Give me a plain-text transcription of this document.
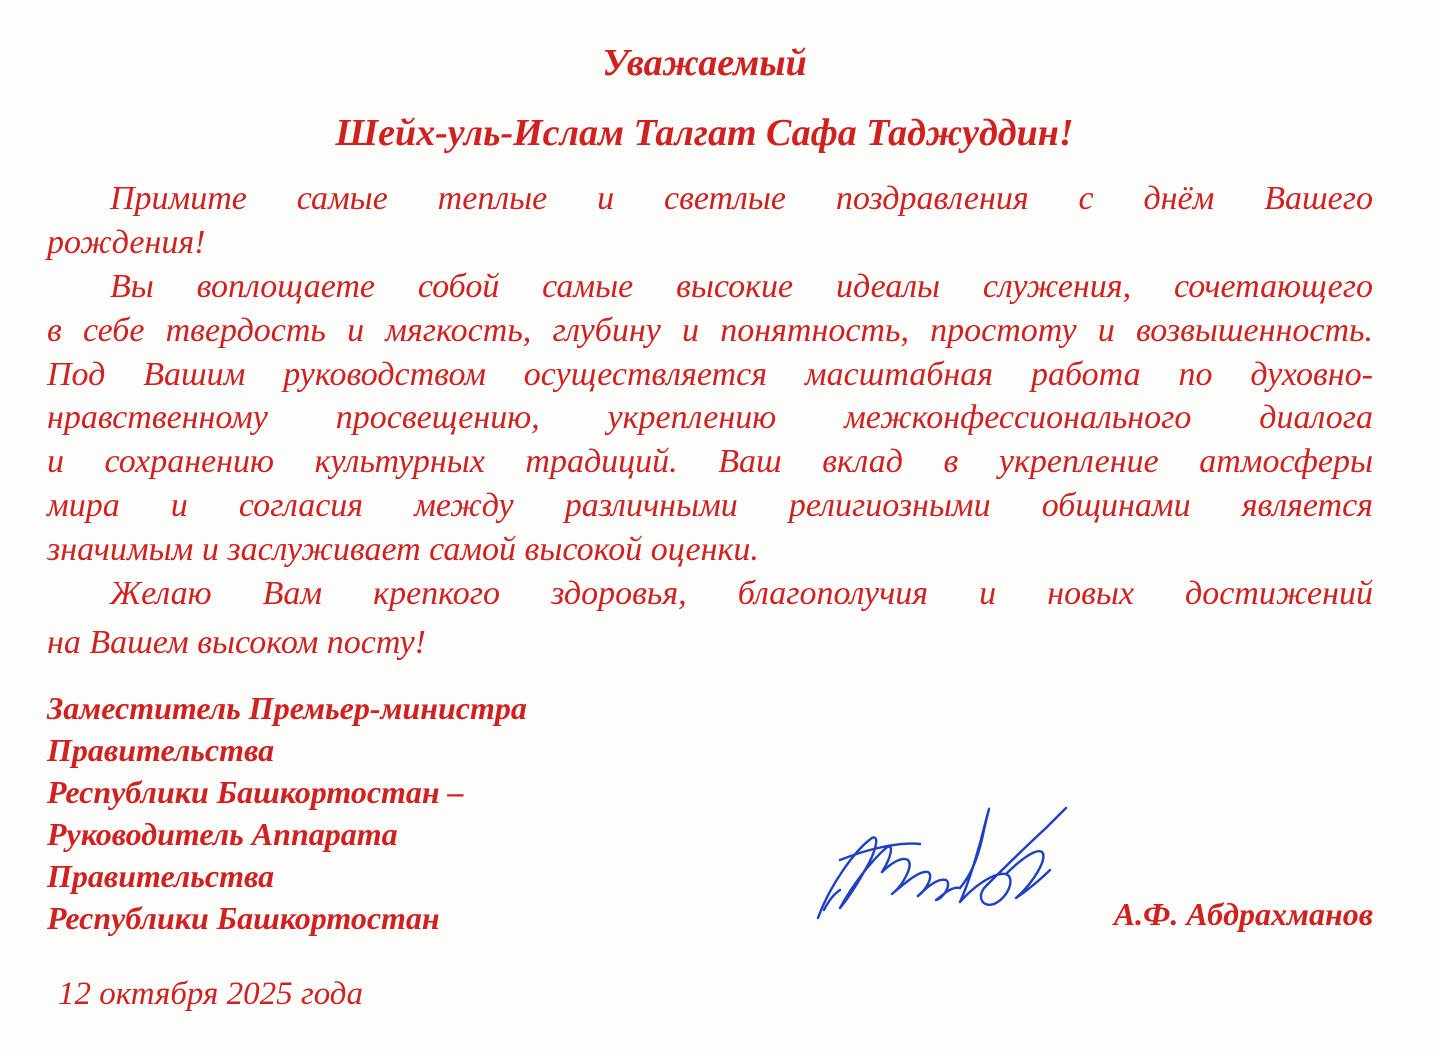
Уважаемый
Шейх-уль-Ислам Талгат Сафа Таджуддин!
Примите самые теплые и светлые поздравления с днём Вашего
рождения!
Вы воплощаете собой самые высокие идеалы служения, сочетающего
в себе твердость и мягкость, глубину и понятность, простоту и возвышенность.
Под Вашим руководством осуществляется масштабная работа по духовно-
нравственному просвещению, укреплению межконфессионального диалога
и сохранению культурных традиций. Ваш вклад в укрепление атмосферы
мира и согласия между различными религиозными общинами является
значимым и заслуживает самой высокой оценки.
Желаю Вам крепкого здоровья, благополучия и новых достижений
на Вашем высоком посту!
Заместитель Премьер-министра
Правительства
Республики Башкортостан –
Руководитель Аппарата
Правительства
Республики Башкортостан	А.Ф. Абдрахманов
12 октября 2025 года
